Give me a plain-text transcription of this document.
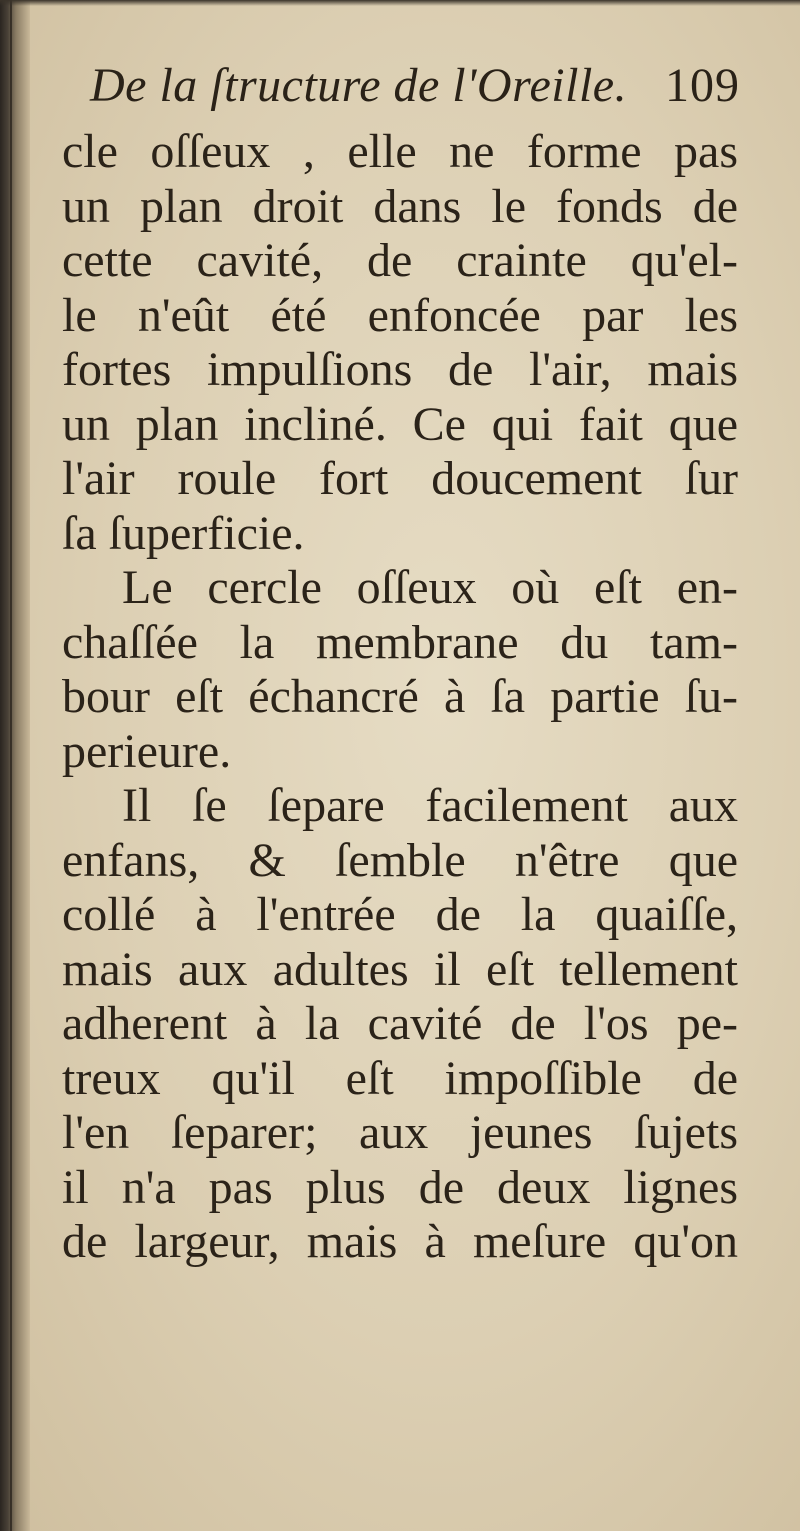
De la ſtructure de l'Oreille. 109
cle oſſeux , elle ne forme pas
un plan droit dans le fonds de
cette cavité, de crainte qu'el-
le n'eût été enfoncée par les
fortes impulſions de l'air, mais
un plan incliné. Ce qui fait que
l'air roule fort doucement ſur
ſa ſuperficie.
Le cercle oſſeux où eſt en-
chaſſée la membrane du tam-
bour eſt échancré à ſa partie ſu-
perieure.
Il ſe ſepare facilement aux
enfans, & ſemble n'être que
collé à l'entrée de la quaiſſe,
mais aux adultes il eſt tellement
adherent à la cavité de l'os pe-
treux qu'il eſt impoſſible de
l'en ſeparer; aux jeunes ſujets
il n'a pas plus de deux lignes
de largeur, mais à meſure qu'on
